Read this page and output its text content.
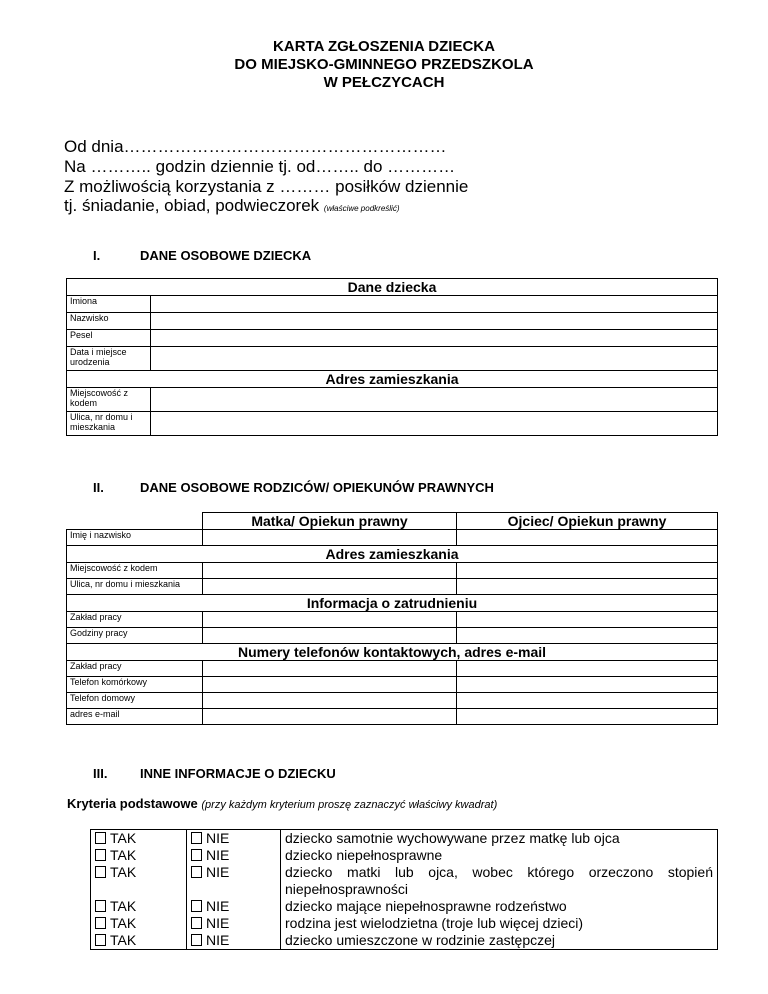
KARTA ZGŁOSZENIA DZIECKA
DO MIEJSKO-GMINNEGO PRZEDSZKOLA
W PEŁCZYCACH
Od dnia…………………………………………………
Na ……….. godzin dziennie tj. od…….. do …………
Z możliwością korzystania z ……… posiłków dziennie
tj. śniadanie, obiad, podwieczorek (właściwe podkreślić)
I.	DANE OSOBOWE DZIECKA
Dane dziecka	
Imiona	
Nazwisko	
Pesel	
Data i miejsce urodzenia	
Adres zamieszkania	
Miejscowość z kodem	
Ulica, nr domu i mieszkania	
II.	DANE OSOBOWE RODZICÓW/ OPIEKUNÓW PRAWNYCH
	Matka/ Opiekun prawny	Ojciec/ Opiekun prawny
Imię i nazwisko		
Adres zamieszkania		
Miejscowość z kodem		
Ulica, nr domu i mieszkania		
Informacja o zatrudnieniu		
Zakład pracy		
Godziny pracy		
Numery telefonów kontaktowych, adres e-mail		
Zakład pracy		
Telefon komórkowy		
Telefon domowy		
adres e-mail		
III.	INNE INFORMACJE O DZIECKU
Kryteria podstawowe (przy każdym kryterium proszę zaznaczyć właściwy kwadrat)
TAK	NIE	dziecko samotnie wychowywane przez matkę lub ojca
TAK	NIE	dziecko niepełnosprawne
TAK	NIE	dziecko matki lub ojca, wobec którego orzeczono stopień niepełnosprawności
TAK	NIE	dziecko mające niepełnosprawne rodzeństwo
TAK	NIE	rodzina jest wielodzietna (troje lub więcej dzieci)
TAK	NIE	dziecko umieszczone w rodzinie zastępczej
